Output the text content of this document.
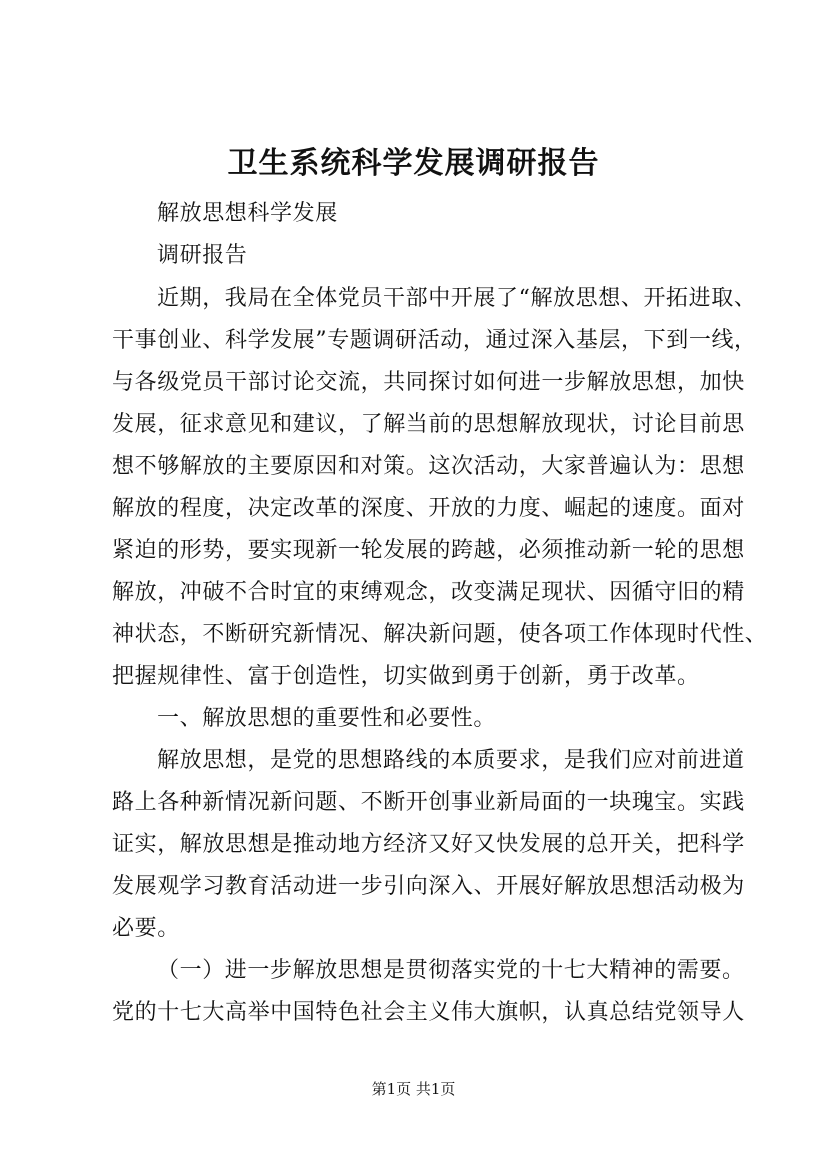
卫生系统科学发展调研报告
解放思想科学发展
调研报告
近期，我局在全体党员干部中开展了“解放思想、开拓进取、
干事创业、科学发展”专题调研活动，通过深入基层，下到一线，
与各级党员干部讨论交流，共同探讨如何进一步解放思想，加快
发展，征求意见和建议，了解当前的思想解放现状，讨论目前思
想不够解放的主要原因和对策。这次活动，大家普遍认为：思想
解放的程度，决定改革的深度、开放的力度、崛起的速度。面对
紧迫的形势，要实现新一轮发展的跨越，必须推动新一轮的思想
解放，冲破不合时宜的束缚观念，改变满足现状、因循守旧的精
神状态，不断研究新情况、解决新问题，使各项工作体现时代性、
把握规律性、富于创造性，切实做到勇于创新，勇于改革。
一、解放思想的重要性和必要性。
解放思想，是党的思想路线的本质要求，是我们应对前进道
路上各种新情况新问题、不断开创事业新局面的一块瑰宝。实践
证实，解放思想是推动地方经济又好又快发展的总开关，把科学
发展观学习教育活动进一步引向深入、开展好解放思想活动极为
必要。
（一）进一步解放思想是贯彻落实党的十七大精神的需要。
党的十七大高举中国特色社会主义伟大旗帜，认真总结党领导人
第1页 共1页
